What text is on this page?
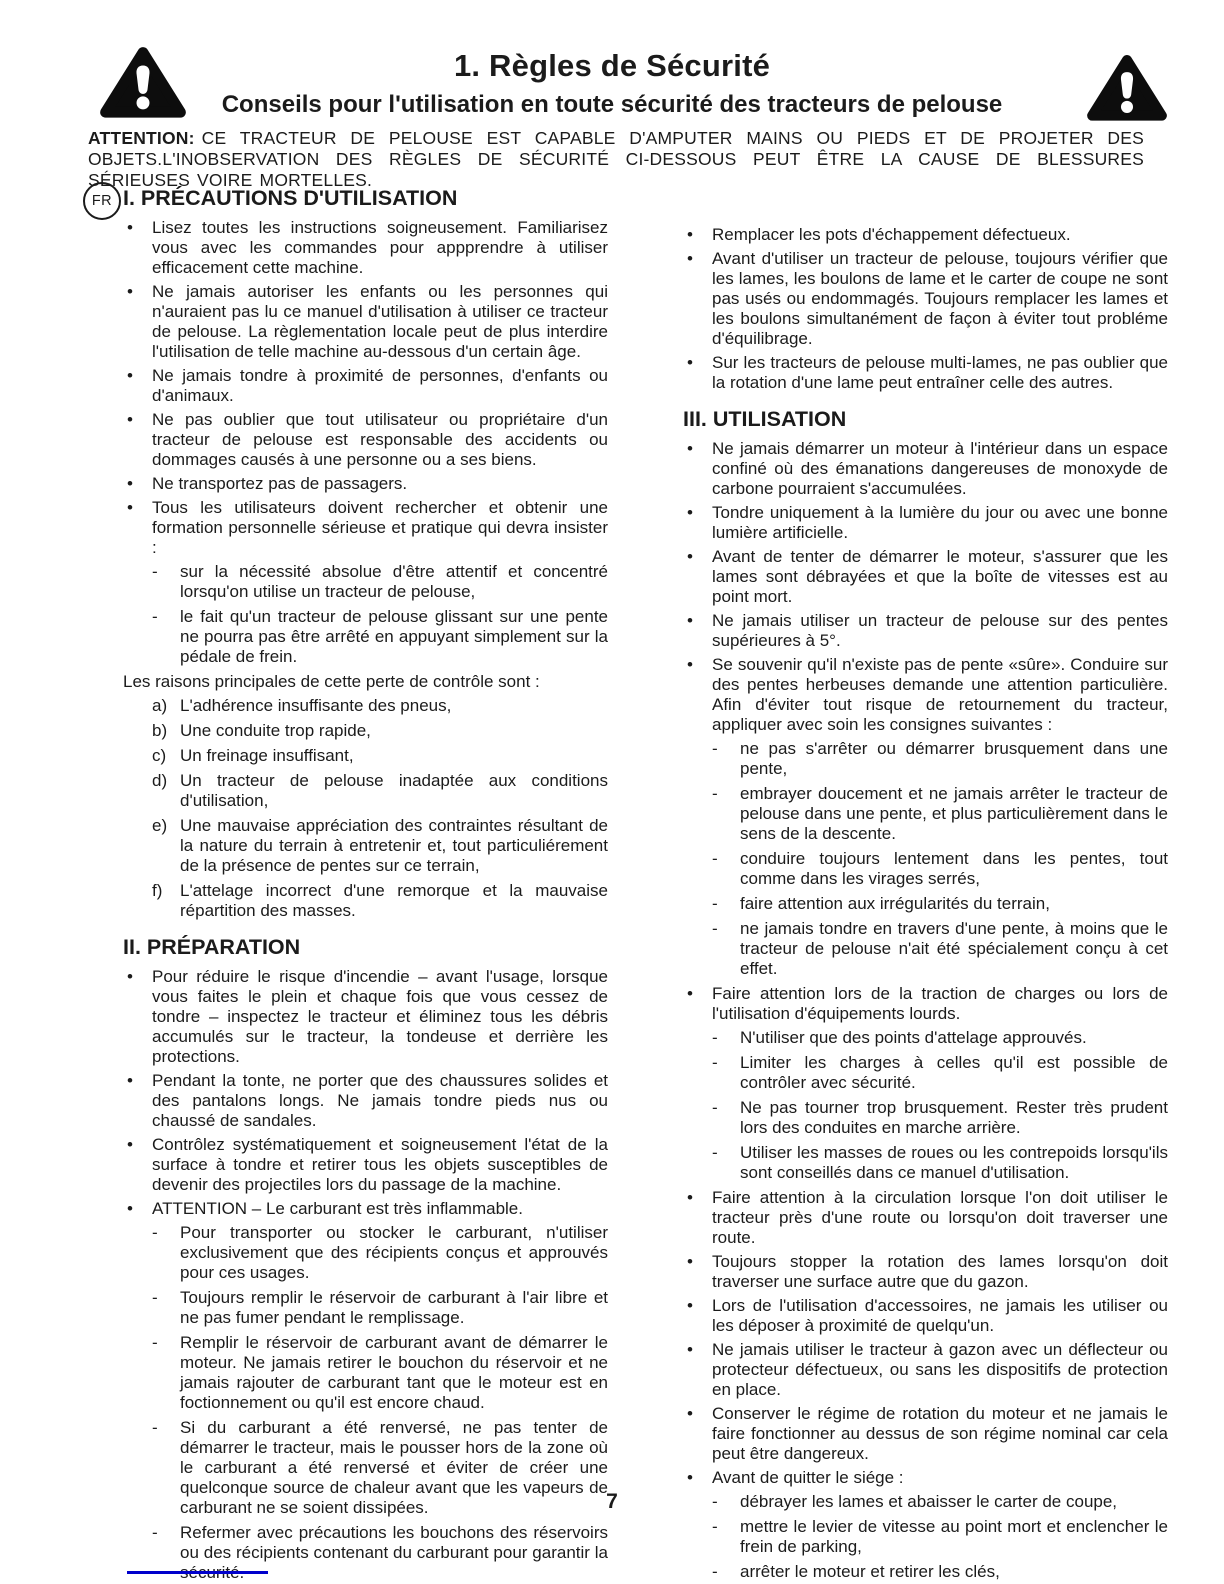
1. Règles de Sécurité
Conseils pour l'utilisation en toute sécurité des tracteurs de pelouse

ATTENTION: CE TRACTEUR DE PELOUSE EST CAPABLE D'AMPUTER MAINS OU PIEDS ET DE PROJETER DES OBJETS.L'INOBSERVATION DES RÈGLES DE SÉCURITÉ CI-DESSOUS PEUT ÊTRE LA CAUSE DE BLESSURES SÉRIEUSES VOIRE MORTELLES.

FR I. PRÉCAUTIONS D'UTILISATION
• Lisez toutes les instructions soigneusement. Familiarisez vous avec les commandes pour appprendre à utiliser efficacement cette machine.
• Ne jamais autoriser les enfants ou les personnes qui n'auraient pas lu ce manuel d'utilisation à utiliser ce tracteur de pelouse. La règlementation locale peut de plus interdire l'utilisation de telle machine au-dessous d'un certain âge.
• Ne jamais tondre à proximité de personnes, d'enfants ou d'animaux.
• Ne pas oublier que tout utilisateur ou propriétaire d'un tracteur de pelouse est responsable des accidents ou dommages causés à une personne ou a ses biens.
• Ne transportez pas de passagers.
• Tous les utilisateurs doivent rechercher et obtenir une formation personnelle sérieuse et pratique qui devra insister :
- sur la nécessité absolue d'être attentif et concentré lorsqu'on utilise un tracteur de pelouse,
- le fait qu'un tracteur de pelouse glissant sur une pente ne pourra pas être arrêté en appuyant simplement sur la pédale de frein.
Les raisons principales de cette perte de contrôle sont :
a) L'adhérence insuffisante des pneus,
b) Une conduite trop rapide,
c) Un freinage insuffisant,
d) Un tracteur de pelouse inadaptée aux conditions d'utilisation,
e) Une mauvaise appréciation des contraintes résultant de la nature du terrain à entretenir et, tout particuliérement de la présence de pentes sur ce terrain,
f) L'attelage incorrect d'une remorque et la mauvaise répartition des masses.
II. PRÉPARATION
• Pour réduire le risque d'incendie – avant l'usage, lorsque vous faites le plein et chaque fois que vous cessez de tondre – inspectez le tracteur et éliminez tous les débris accumulés sur le tracteur, la tondeuse et derrière les protections.
• Pendant la tonte, ne porter que des chaussures solides et des pantalons longs. Ne jamais tondre pieds nus ou chaussé de sandales.
• Contrôlez systématiquement et soigneusement l'état de la surface à tondre et retirer tous les objets susceptibles de devenir des projectiles lors du passage de la machine.
• ATTENTION – Le carburant est très inflammable.
- Pour transporter ou stocker le carburant, n'utiliser exclusivement que des récipients conçus et approuvés pour ces usages.
- Toujours remplir le réservoir de carburant à l'air libre et ne pas fumer pendant le remplissage.
- Remplir le réservoir de carburant avant de démarrer le moteur. Ne jamais retirer le bouchon du réservoir et ne jamais rajouter de carburant tant que le moteur est en foctionnement ou qu'il est encore chaud.
- Si du carburant a été renversé, ne pas tenter de démarrer le tracteur, mais le pousser hors de la zone où le carburant a été renversé et éviter de créer une quelconque source de chaleur avant que les vapeurs de carburant ne se soient dissipées.
- Refermer avec précautions les bouchons des réservoirs ou des récipients contenant du carburant pour garantir la
• Remplacer les pots d'échappement défectueux.
• Avant d'utiliser un tracteur de pelouse, toujours vérifier que les lames, les boulons de lame et le carter de coupe ne sont pas usés ou endommagés. Toujours remplacer les lames et les boulons simultanément de façon à éviter tout probléme d'équilibrage.
• Sur les tracteurs de pelouse multi-lames, ne pas oublier que la rotation d'une lame peut entraîner celle des autres.
III. UTILISATION
• Ne jamais démarrer un moteur à l'intérieur dans un espace confiné où des émanations dangereuses de monoxyde de carbone pourraient s'accumulées.
• Tondre uniquement à la lumière du jour ou avec une bonne lumière artificielle.
• Avant de tenter de démarrer le moteur, s'assurer que les lames sont débrayées et que la boîte de vitesses est au point mort.
• Ne jamais utiliser un tracteur de pelouse sur des pentes supérieures à 5°.
• Se souvenir qu'il n'existe pas de pente «sûre». Conduire sur des pentes herbeuses demande une attention particulière. Afin d'éviter tout risque de retournement du tracteur, appliquer avec soin les consignes suivantes :
- ne pas s'arrêter ou démarrer brusquement dans une pente,
- embrayer doucement et ne jamais arrêter le tracteur de pelouse dans une pente, et plus particulièrement dans le sens de la descente.
- conduire toujours lentement dans les pentes, tout comme dans les virages serrés,
- faire attention aux irrégularités du terrain,
- ne jamais tondre en travers d'une pente, à moins que le tracteur de pelouse n'ait été spécialement conçu à cet effet.
• Faire attention lors de la traction de charges ou lors de l'utilisation d'équipements lourds.
- N'utiliser que des points d'attelage approuvés.
- Limiter les charges à celles qu'il est possible de contrôler avec sécurité.
- Ne pas tourner trop brusquement. Rester très prudent lors des conduites en marche arrière.
- Utiliser les masses de roues ou les contrepoids lorsqu'ils sont conseillés dans ce manuel d'utilisation.
• Faire attention à la circulation lorsque l'on doit utiliser le tracteur près d'une route ou lorsqu'on doit traverser une route.
• Toujours stopper la rotation des lames lorsqu'on doit traverser une surface autre que du gazon.
• Lors de l'utilisation d'accessoires, ne jamais les utiliser ou les déposer à proximité de quelqu'un.
• Ne jamais utiliser le tracteur à gazon avec un déflecteur ou protecteur défectueux, ou sans les dispositifs de protection en place.
• Conserver le régime de rotation du moteur et ne jamais le faire fonctionner au dessus de son régime nominal car cela peut être dangereux.
• Avant de quitter le siége :
- débrayer les lames et abaisser le carter de coupe,
- mettre le levier de vitesse au point mort et enclencher le frein de parking,
- arrêter le moteur et retirer les clés,
7
